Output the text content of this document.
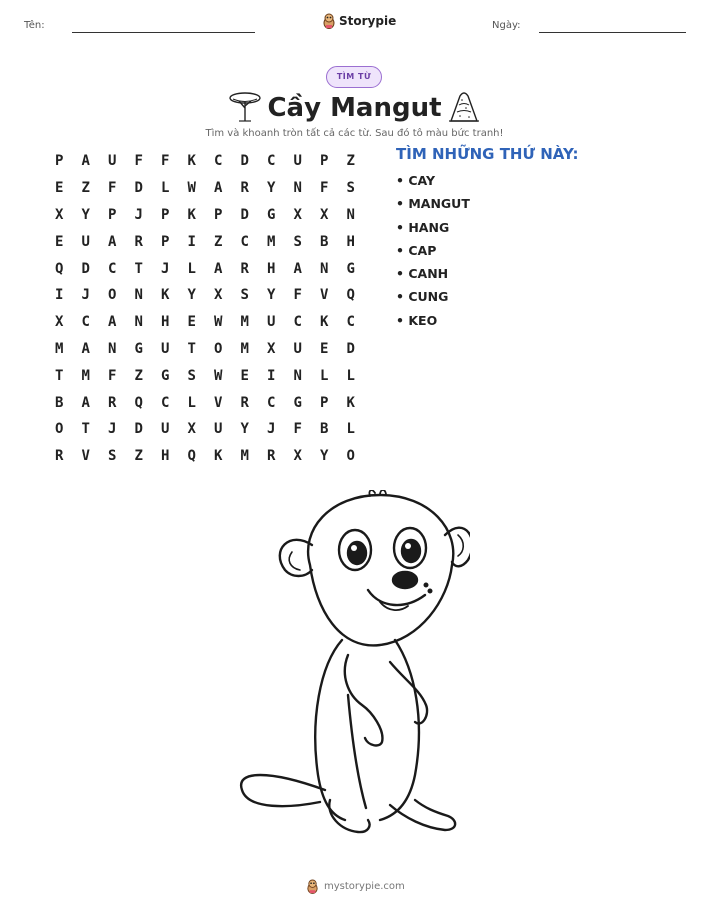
Tên:	Storypie	Ngày:
TÌM TỪ
Cầy Mangut
Tìm và khoanh tròn tất cả các từ. Sau đó tô màu bức tranh!
P	A	U	F	F	K	C	D	C	U	P	Z
E	Z	F	D	L	W	A	R	Y	N	F	S
X	Y	P	J	P	K	P	D	G	X	X	N
E	U	A	R	P	I	Z	C	M	S	B	H
Q	D	C	T	J	L	A	R	H	A	N	G
I	J	O	N	K	Y	X	S	Y	F	V	Q
X	C	A	N	H	E	W	M	U	C	K	C
M	A	N	G	U	T	O	M	X	U	E	D
T	M	F	Z	G	S	W	E	I	N	L	L
B	A	R	Q	C	L	V	R	C	G	P	K
O	T	J	D	U	X	U	Y	J	F	B	L
R	V	S	Z	H	Q	K	M	R	X	Y	O
TÌM NHỮNG THỨ NÀY:
• CAY
• MANGUT
• HANG
• CAP
• CANH
• CUNG
• KEO
mystorypie.com
